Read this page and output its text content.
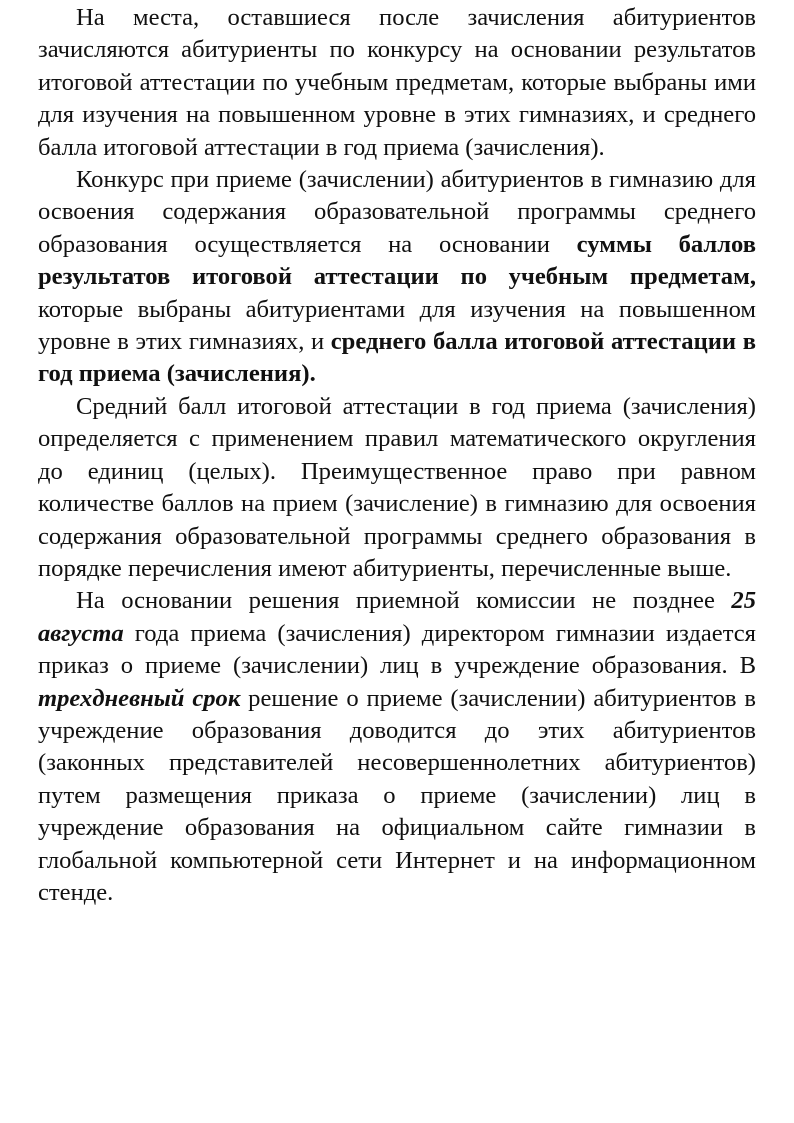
На места, оставшиеся после зачисления абитуриентов зачисляются абитуриенты по конкурсу на основании результатов итоговой аттестации по учебным предметам, которые выбраны ими для изучения на повышенном уровне в этих гимназиях, и среднего балла итоговой аттестации в год приема (зачисления).

Конкурс при приеме (зачислении) абитуриентов в гимназию для освоения содержания образовательной программы среднего образования осуществляется на основании суммы баллов результатов итоговой аттестации по учебным предметам, которые выбраны абитуриентами для изучения на повышенном уровне в этих гимназиях, и среднего балла итоговой аттестации в год приема (зачисления).

Средний балл итоговой аттестации в год приема (зачисления) определяется с применением правил математического округления до единиц (целых). Преимущественное право при равном количестве баллов на прием (зачисление) в гимназию для освоения содержания образовательной программы среднего образования в порядке перечисления имеют абитуриенты, перечисленные выше.

На основании решения приемной комиссии не позднее 25 августа года приема (зачисления) директором гимназии издается приказ о приеме (зачислении) лиц в учреждение образования. В трехдневный срок решение о приеме (зачислении) абитуриентов в учреждение образования доводится до этих абитуриентов (законных представителей несовершеннолетних абитуриентов) путем размещения приказа о приеме (зачислении) лиц в учреждение образования на официальном сайте гимназии в глобальной компьютерной сети Интернет и на информационном стенде.
